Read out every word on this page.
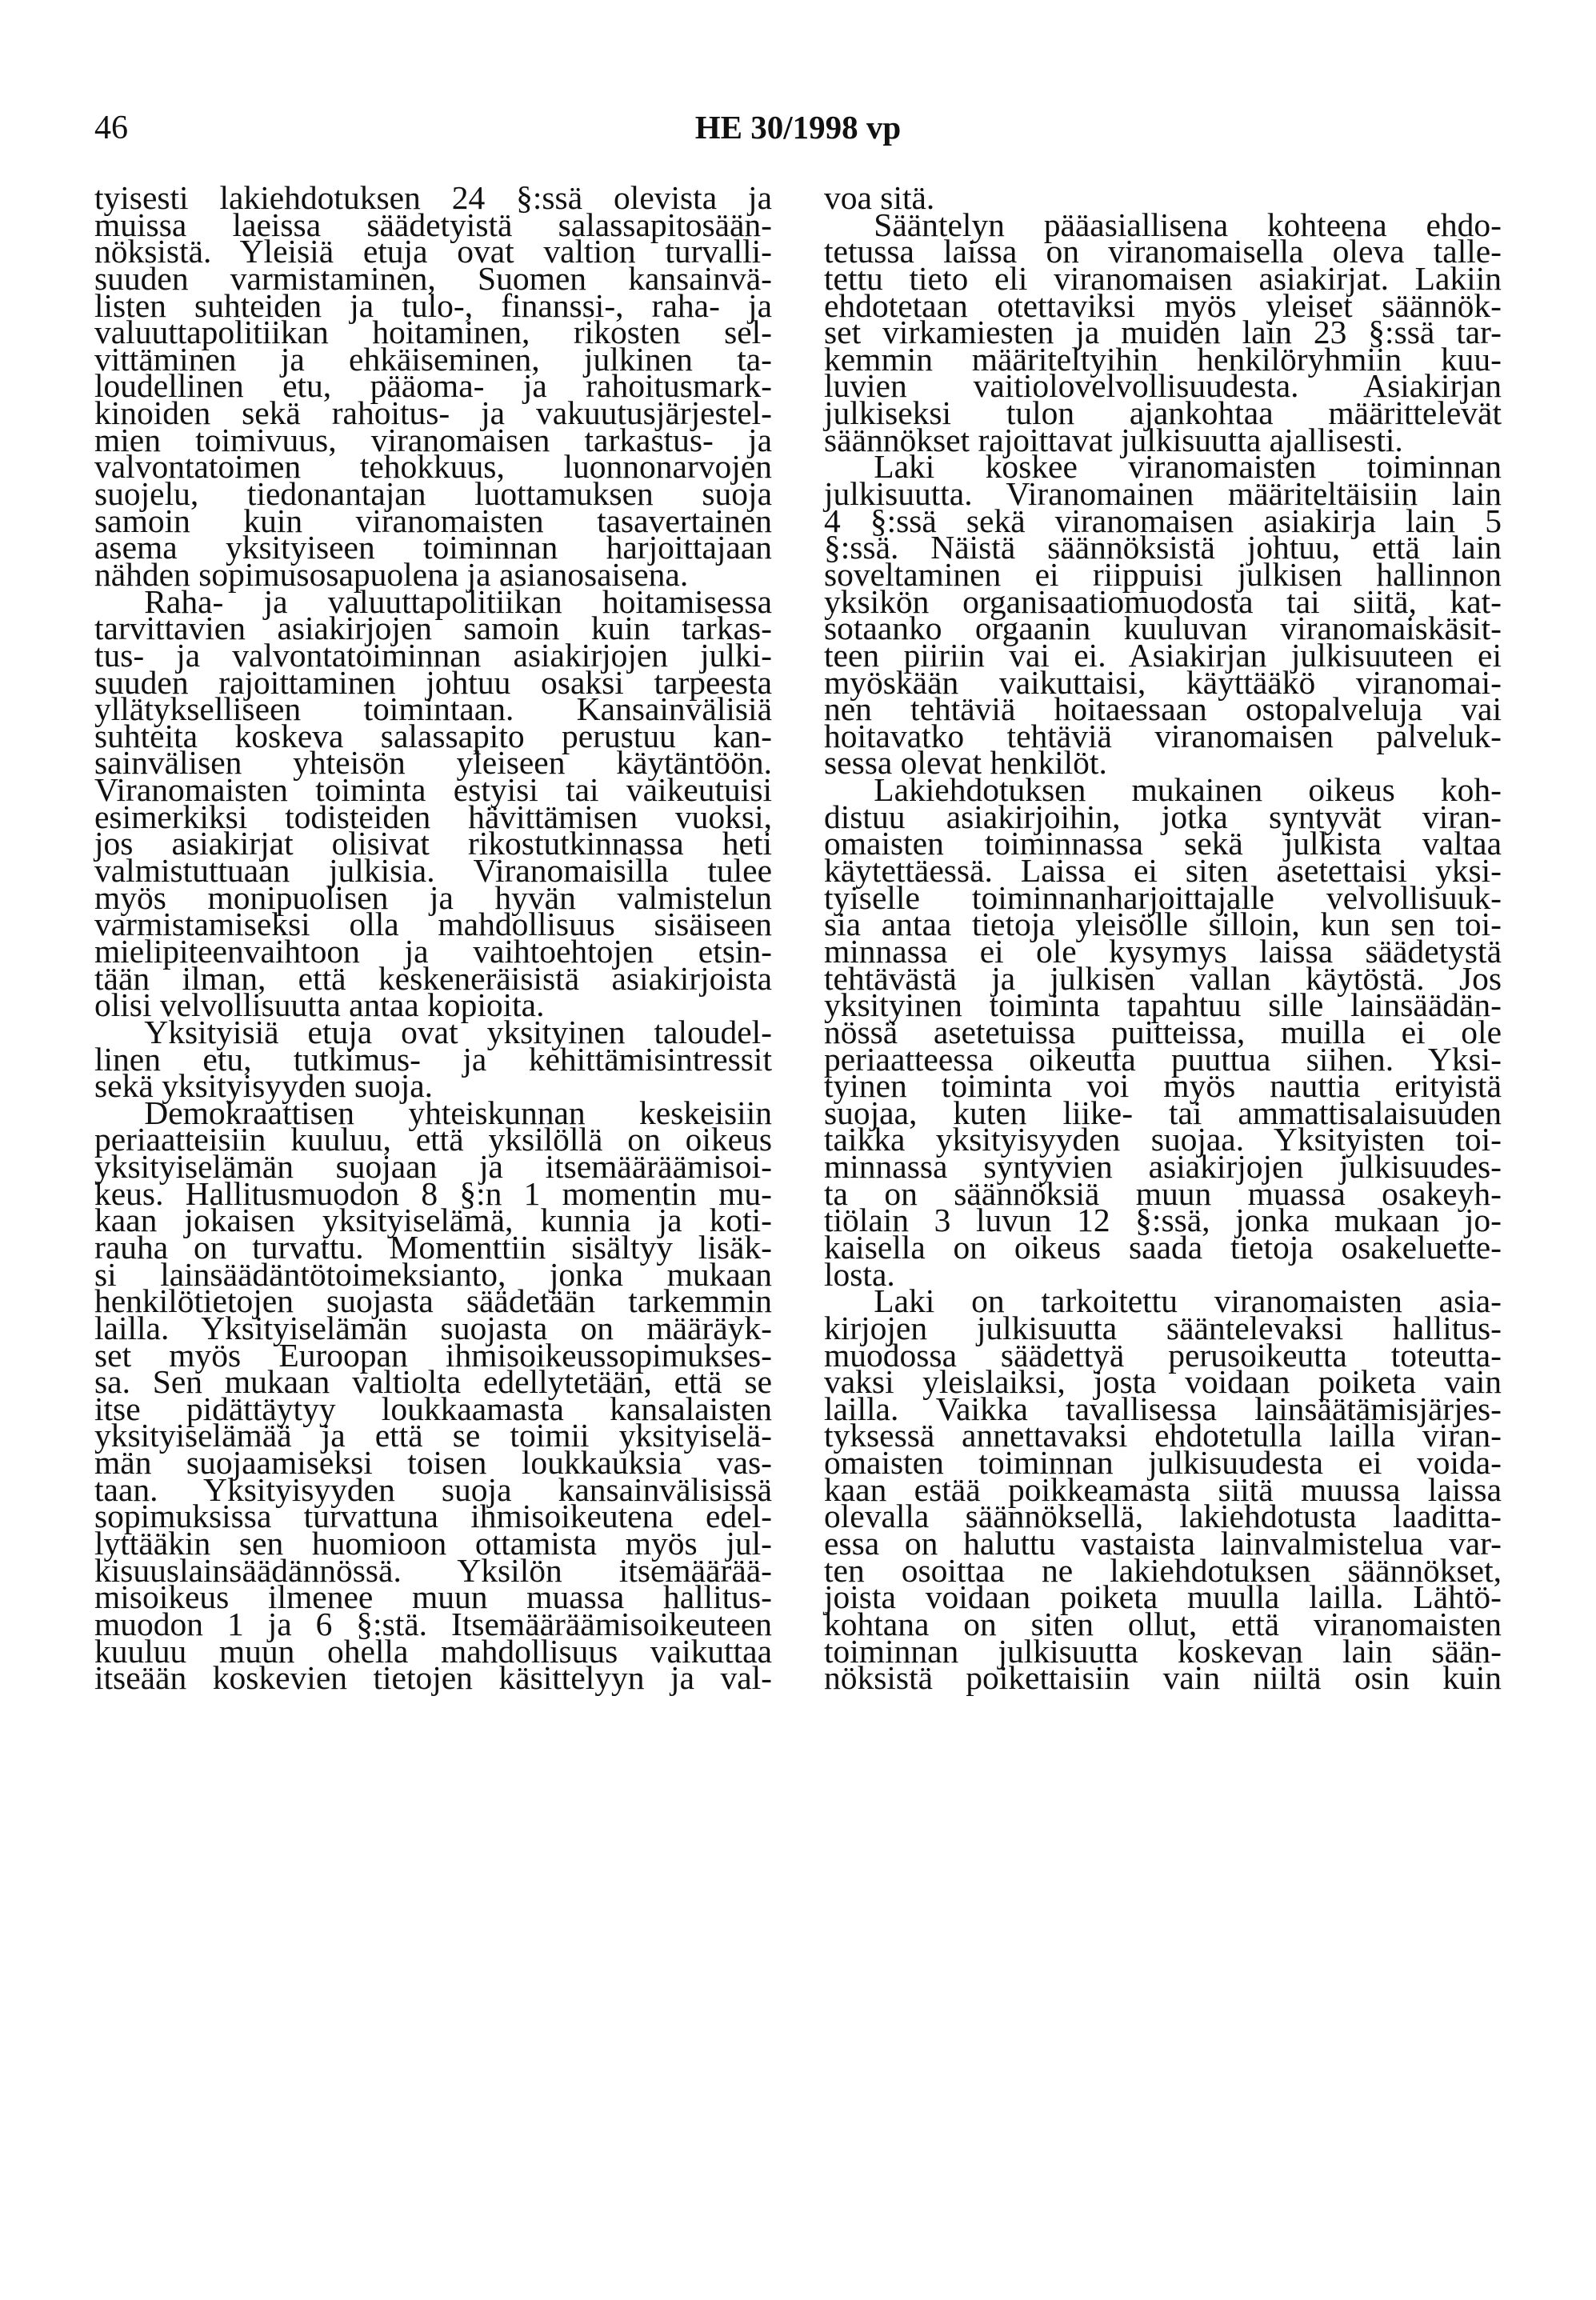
46	HE 30/1998 vp
tyisesti lakiehdotuksen 24 §:ssä olevista ja
muissa laeissa säädetyistä salassapitosään-
nöksistä. Yleisiä etuja ovat valtion turvalli-
suuden varmistaminen, Suomen kansainvä-
listen suhteiden ja tulo-, finanssi-, raha- ja
valuuttapolitiikan hoitaminen, rikosten sel-
vittäminen ja ehkäiseminen, julkinen ta-
loudellinen etu, pääoma- ja rahoitusmark-
kinoiden sekä rahoitus- ja vakuutusjärjestel-
mien toimivuus, viranomaisen tarkastus- ja
valvontatoimen tehokkuus, luonnonarvojen
suojelu, tiedonantajan luottamuksen suoja
samoin kuin viranomaisten tasavertainen
asema yksityiseen toiminnan harjoittajaan
nähden sopimusosapuolena ja asianosaisena.
  Raha- ja valuuttapolitiikan hoitamisessa
tarvittavien asiakirjojen samoin kuin tarkas-
tus- ja valvontatoiminnan asiakirjojen julki-
suuden rajoittaminen johtuu osaksi tarpeesta
yllätykselliseen toimintaan. Kansainvälisiä
suhteita koskeva salassapito perustuu kan-
sainvälisen yhteisön yleiseen käytäntöön.
Viranomaisten toiminta estyisi tai vaikeutuisi
esimerkiksi todisteiden hävittämisen vuoksi,
jos asiakirjat olisivat rikostutkinnassa heti
valmistuttuaan julkisia. Viranomaisilla tulee
myös monipuolisen ja hyvän valmistelun
varmistamiseksi olla mahdollisuus sisäiseen
mielipiteenvaihtoon ja vaihtoehtojen etsin-
tään ilman, että keskeneräisistä asiakirjoista
olisi velvollisuutta antaa kopioita.
  Yksityisiä etuja ovat yksityinen taloudel-
linen etu, tutkimus- ja kehittämisintressit
sekä yksityisyyden suoja.
  Demokraattisen yhteiskunnan keskeisiin
periaatteisiin kuuluu, että yksilöllä on oikeus
yksityiselämän suojaan ja itsemääräämisoi-
keus. Hallitusmuodon 8 §:n 1 momentin mu-
kaan jokaisen yksityiselämä, kunnia ja koti-
rauha on turvattu. Momenttiin sisältyy lisäk-
si lainsäädäntötoimeksianto, jonka mukaan
henkilötietojen suojasta säädetään tarkemmin
lailla. Yksityiselämän suojasta on määräyk-
set myös Euroopan ihmisoikeussopimukses-
sa. Sen mukaan valtiolta edellytetään, että se
itse pidättäytyy loukkaamasta kansalaisten
yksityiselämää ja että se toimii yksityiselä-
män suojaamiseksi toisen loukkauksia vas-
taan. Yksityisyyden suoja kansainvälisissä
sopimuksissa turvattuna ihmisoikeutena edel-
lyttääkin sen huomioon ottamista myös jul-
kisuuslainsäädännössä. Yksilön itsemäärää-
misoikeus ilmenee muun muassa hallitus-
muodon 1 ja 6 §:stä. Itsemääräämisoikeuteen
kuuluu muun ohella mahdollisuus vaikuttaa
itseään koskevien tietojen käsittelyyn ja val-
voa sitä.
  Sääntelyn pääasiallisena kohteena ehdo-
tetussa laissa on viranomaisella oleva talle-
tettu tieto eli viranomaisen asiakirjat. Lakiin
ehdotetaan otettaviksi myös yleiset säännök-
set virkamiesten ja muiden lain 23 §:ssä tar-
kemmin määriteltyihin henkilöryhmiin kuu-
luvien vaitiolovelvollisuudesta. Asiakirjan
julkiseksi tulon ajankohtaa määrittelevät
säännökset rajoittavat julkisuutta ajallisesti.
  Laki koskee viranomaisten toiminnan
julkisuutta. Viranomainen määriteltäisiin lain
4 §:ssä sekä viranomaisen asiakirja lain 5
§:ssä. Näistä säännöksistä johtuu, että lain
soveltaminen ei riippuisi julkisen hallinnon
yksikön organisaatiomuodosta tai siitä, kat-
sotaanko orgaanin kuuluvan viranomaiskäsit-
teen piiriin vai ei. Asiakirjan julkisuuteen ei
myöskään vaikuttaisi, käyttääkö viranomai-
nen tehtäviä hoitaessaan ostopalveluja vai
hoitavatko tehtäviä viranomaisen palveluk-
sessa olevat henkilöt.
  Lakiehdotuksen mukainen oikeus koh-
distuu asiakirjoihin, jotka syntyvät viran-
omaisten toiminnassa sekä julkista valtaa
käytettäessä. Laissa ei siten asetettaisi yksi-
tyiselle toiminnanharjoittajalle velvollisuuk-
sia antaa tietoja yleisölle silloin, kun sen toi-
minnassa ei ole kysymys laissa säädetystä
tehtävästä ja julkisen vallan käytöstä. Jos
yksityinen toiminta tapahtuu sille lainsäädän-
nössä asetetuissa puitteissa, muilla ei ole
periaatteessa oikeutta puuttua siihen. Yksi-
tyinen toiminta voi myös nauttia erityistä
suojaa, kuten liike- tai ammattisalaisuuden
taikka yksityisyyden suojaa. Yksityisten toi-
minnassa syntyvien asiakirjojen julkisuudes-
ta on säännöksiä muun muassa osakeyh-
tiölain 3 luvun 12 §:ssä, jonka mukaan jo-
kaisella on oikeus saada tietoja osakeluette-
losta.
  Laki on tarkoitettu viranomaisten asia-
kirjojen julkisuutta sääntelevaksi hallitus-
muodossa säädettyä perusoikeutta toteutta-
vaksi yleislaiksi, josta voidaan poiketa vain
lailla. Vaikka tavallisessa lainsäätämisjärjes-
tyksessä annettavaksi ehdotetulla lailla viran-
omaisten toiminnan julkisuudesta ei voida-
kaan estää poikkeamasta siitä muussa laissa
olevalla säännöksellä, lakiehdotusta laadittа-
essa on haluttu vastaista lainvalmistelua var-
ten osoittaa ne lakiehdotuksen säännökset,
joista voidaan poiketa muulla lailla. Lähtö-
kohtana on siten ollut, että viranomaisten
toiminnan julkisuutta koskevan lain sään-
nöksistä poikettaisiin vain niiltä osin kuin
